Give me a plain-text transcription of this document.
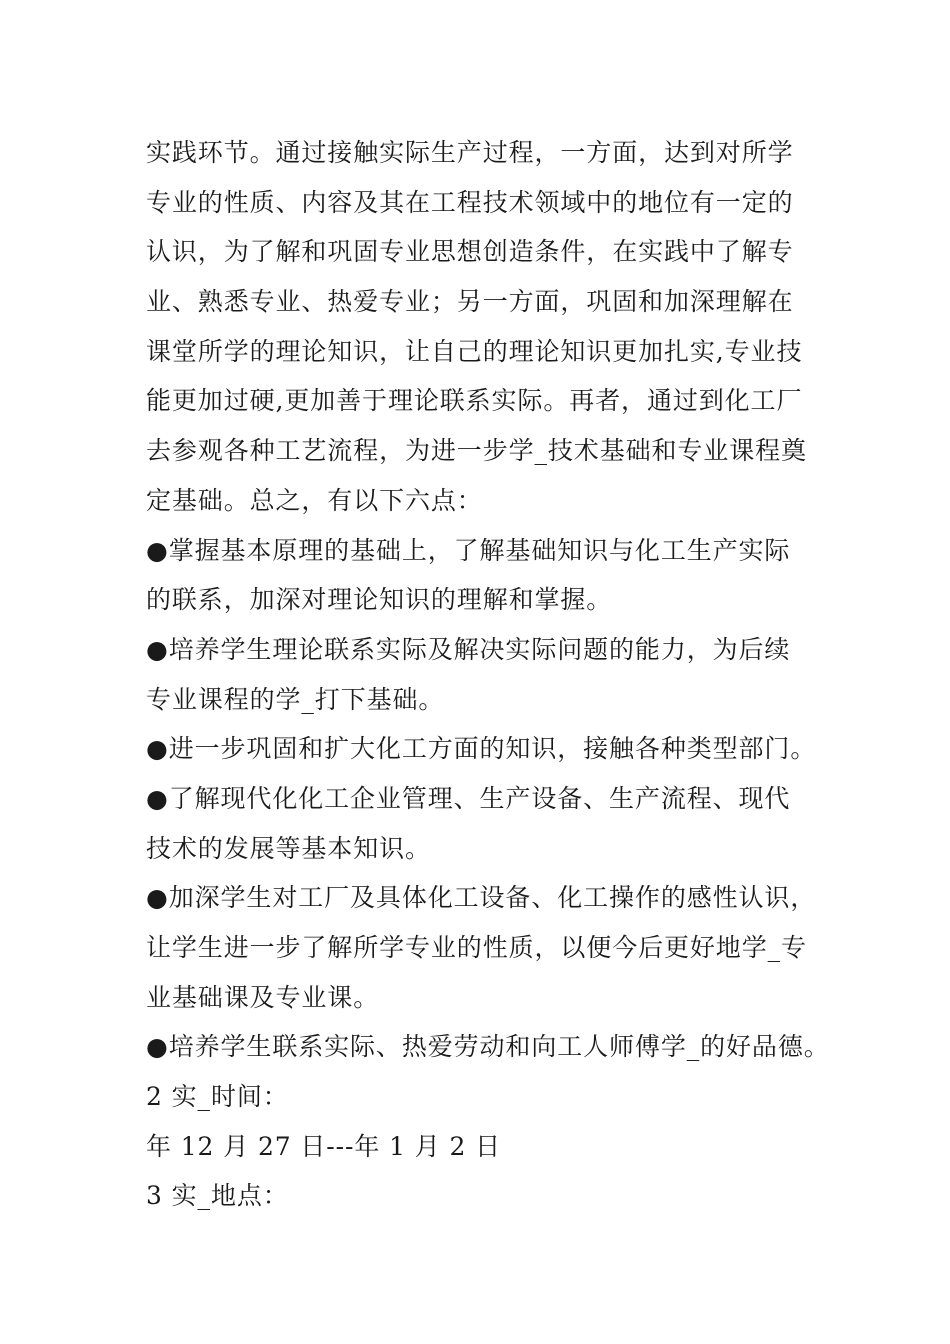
实践环节。通过接触实际生产过程，一方面，达到对所学
专业的性质、内容及其在工程技术领域中的地位有一定的
认识，为了解和巩固专业思想创造条件，在实践中了解专
业、熟悉专业、热爱专业；另一方面，巩固和加深理解在
课堂所学的理论知识，让自己的理论知识更加扎实,专业技
能更加过硬,更加善于理论联系实际。再者，通过到化工厂
去参观各种工艺流程，为进一步学_技术基础和专业课程奠
定基础。总之，有以下六点：
●掌握基本原理的基础上，了解基础知识与化工生产实际
的联系，加深对理论知识的理解和掌握。
●培养学生理论联系实际及解决实际问题的能力，为后续
专业课程的学_打下基础。
●进一步巩固和扩大化工方面的知识，接触各种类型部门。
●了解现代化化工企业管理、生产设备、生产流程、现代
技术的发展等基本知识。
●加深学生对工厂及具体化工设备、化工操作的感性认识，
让学生进一步了解所学专业的性质，以便今后更好地学_专
业基础课及专业课。
●培养学生联系实际、热爱劳动和向工人师傅学_的好品德。
2 实_时间：
年 12 月 27 日---年 1 月 2 日
3 实_地点：
